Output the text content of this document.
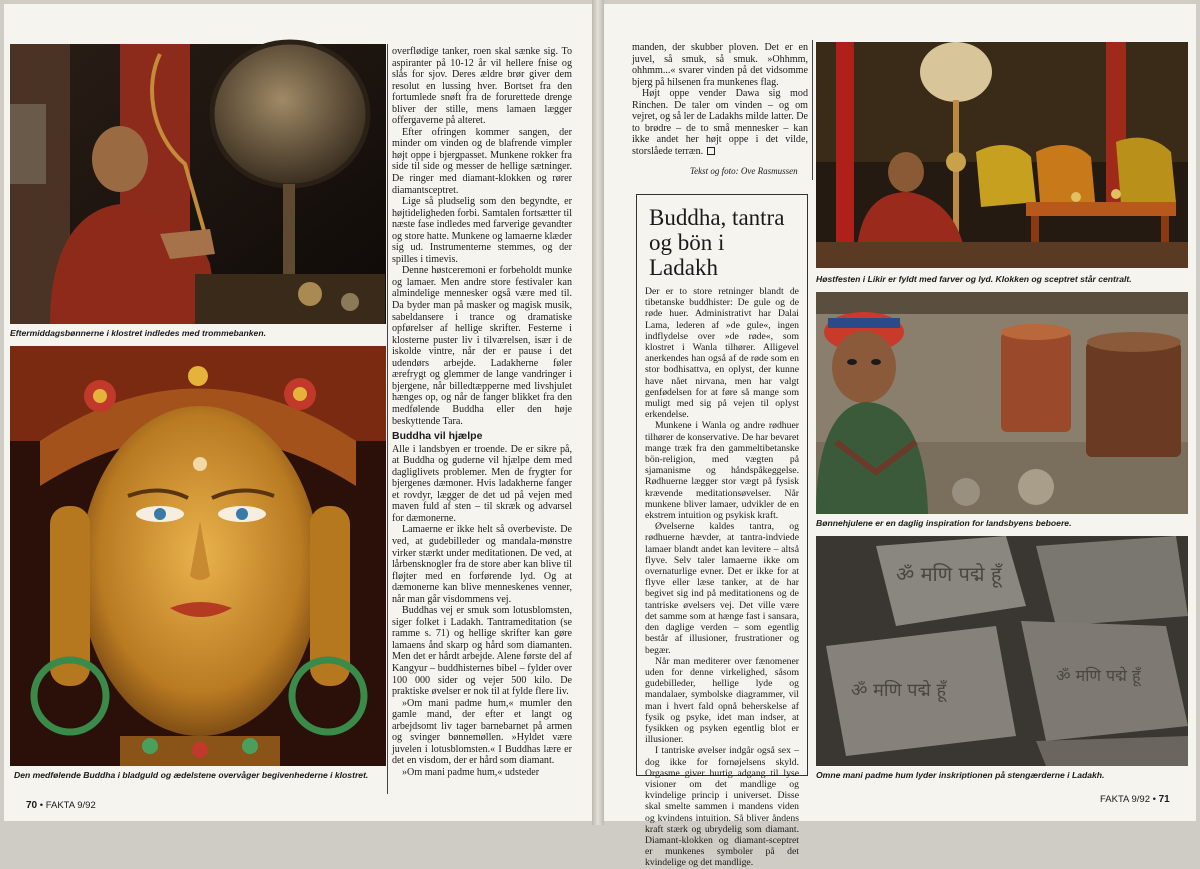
Eftermiddagsbønnerne i klostret indledes med trommebanken.

Den medfølende Buddha i bladguld og ædelstene overvåger begivenhederne i klostret.

overflødige tanker, roen skal sænke sig. To aspiranter på 10-12 år vil hellere fnise og slås for sjov. Deres ældre brør giver dem resolut en lussing hver. Bortset fra den fortumlede snøft fra de forurettede drenge bliver der stille, mens lamaen lægger offergaverne på alteret.

Efter ofringen kommer sangen, der minder om vinden og de blafrende vimpler højt oppe i bjergpasset. Munkene rokker fra side til side og messer de hellige sætninger. De ringer med diamant-klokken og rører diamantsceptret.

Lige så pludselig som den begyndte, er højtideligheden forbi. Samtalen fortsætter til næste fase indledes med farverige gevandter og store hatte. Munkene og lamaerne klæder sig ud. Instrumenterne stemmes, og der spilles i timevis.

Denne høstceremoni er forbeholdt munke og lamaer. Men andre store festivaler kan almindelige mennesker også være med til. Da byder man på masker og magisk musik, sabeldansere i trance og dramatiske opførelser af hellige skrifter. Festerne i klosterne puster liv i tilværelsen, især i de iskolde vintre, når der er pause i det udendørs arbejde. Ladakherne føler ærefrygt og glemmer de lange vandringer i bjergene, når billedtæpperne med livshjulet hænges op, og når de fanger blikket fra den medfølende Buddha eller den høje beskyttende Tara.

Buddha vil hjælpe

Alle i landsbyen er troende. De er sikre på, at Buddha og guderne vil hjælpe dem med dagliglivets problemer. Men de frygter for bjergenes dæmoner. Hvis ladakherne fanger et rovdyr, lægger de det ud på vejen med maven fuld af sten – til skræk og advarsel for dæmonerne.

Lamaerne er ikke helt så overbeviste. De ved, at gudebilleder og mandala-mønstre virker stærkt under meditationen. De ved, at lårbensknogler fra de store aber kan blive til fløjter med en forførende lyd. Og at dæmonerne kan blive menneskenes venner, når man går visdommens vej.

Buddhas vej er smuk som lotusblomsten, siger folket i Ladakh. Tantrameditation (se ramme s. 71) og hellige skrifter kan gøre lamaens ånd skarp og hård som diamanten. Men det er hårdt arbejde. Alene første del af Kangyur – buddhisternes bibel – fylder over 100 000 sider og vejer 500 kilo. De praktiske øvelser er nok til at fylde flere liv.

»Om mani padme hum,« mumler den gamle mand, der efter et langt og arbejdsomt liv tager barnebarnet på armen og svinger bønnemøllen. »Hyldet være juvelen i lotusblomsten.« I Buddhas lære er det en visdom, der er hård som diamant.

»Om mani padme hum,« udsteder

70 • FAKTA 9/92

manden, der skubber ploven. Det er en juvel, så smuk, så smuk. »Ohhmm, ohhmm...« svarer vinden på det vidsomme bjerg på hilsenen fra munkenes flag.

Højt oppe vender Dawa sig mod Rinchen. De taler om vinden – og om vejret, og så ler de Ladakhs milde latter. De to brødre – de to små mennesker – kan ikke andet her højt oppe i det vilde, storslåede terræn.

Tekst og foto: Ove Rasmussen

Buddha, tantra og bön i Ladakh

Der er to store retninger blandt de tibetanske buddhister: De gule og de røde huer. Administrativt har Dalai Lama, lederen af »de gule«, ingen indflydelse over »de røde«, som klostret i Wanla tilhører. Alligevel anerkendes han også af de røde som en stor bodhisattva, en oplyst, der kunne have nået nirvana, men har valgt genfødelsen for at føre så mange som muligt med sig på vejen til oplyst erkendelse.

Munkene i Wanla og andre rødhuer tilhører de konservative. De har bevaret mange træk fra den gammeltibetanske bön-religion, med vægten på sjamanisme og håndspåkeggelse. Rødhuerne lægger stor vægt på fysisk krævende meditationsøvelser. Når munkene bliver lamaer, udvikler de en ekstrem intuition og psykisk kraft.

Øvelserne kaldes tantra, og rødhuerne hævder, at tantra-indviede lamaer blandt andet kan levitere – altså flyve. Selv taler lamaerne ikke om overnaturlige evner. Det er ikke for at flyve eller læse tanker, at de har begivet sig ind på meditationens og de tantriske øvelsers vej. Det ville være det samme som at hænge fast i sansara, den daglige verden – som egentlig består af illusioner, frustrationer og begær.

Når man mediterer over fænomener uden for denne virkelighed, såsom gudebilleder, hellige lyde og mandalaer, symbolske diagrammer, vil man i hvert fald opnå beherskelse af fysik og psyke, idet man indser, at fysikken og psyken egentlig blot er illusioner.

I tantriske øvelser indgår også sex – dog ikke for fornøjelsens skyld. Orgasme giver hurtig adgang til lyse visioner om det mandlige og kvindelige princip i universet. Disse skal smelte sammen i mandens viden og kvindens intuition. Så bliver åndens kraft stærk og ubrydelig som diamant. Diamant-klokken og diamant-sceptret er munkenes symboler på det kvindelige og det mandlige.

Høstfesten i Likir er fyldt med farver og lyd. Klokken og sceptret står centralt.

Bønnehjulene er en daglig inspiration for landsbyens beboere.

ॐ मणि पद्मे हूँ
ॐ मणि पद्मे हूँ
ॐ मणि पद्मे हूँ

Omne mani padme hum lyder inskriptionen på stengærderne i Ladakh.

FAKTA 9/92 • 71
